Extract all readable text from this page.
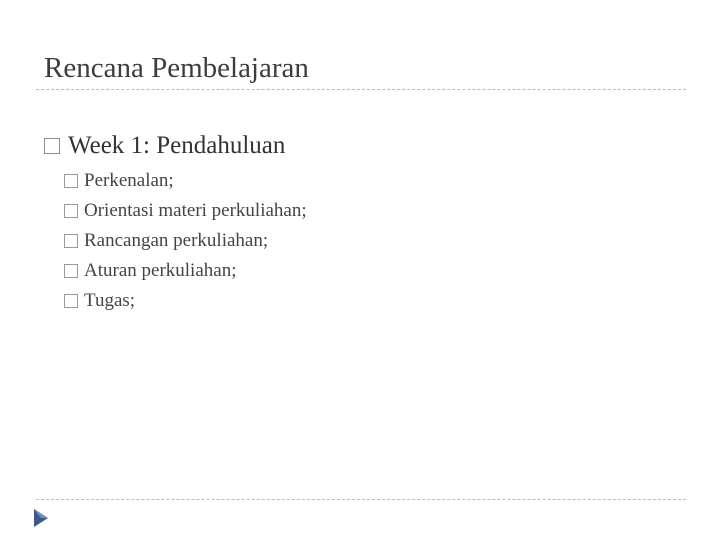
Rencana Pembelajaran
Week 1: Pendahuluan
Perkenalan;
Orientasi materi perkuliahan;
Rancangan perkuliahan;
Aturan perkuliahan;
Tugas;
